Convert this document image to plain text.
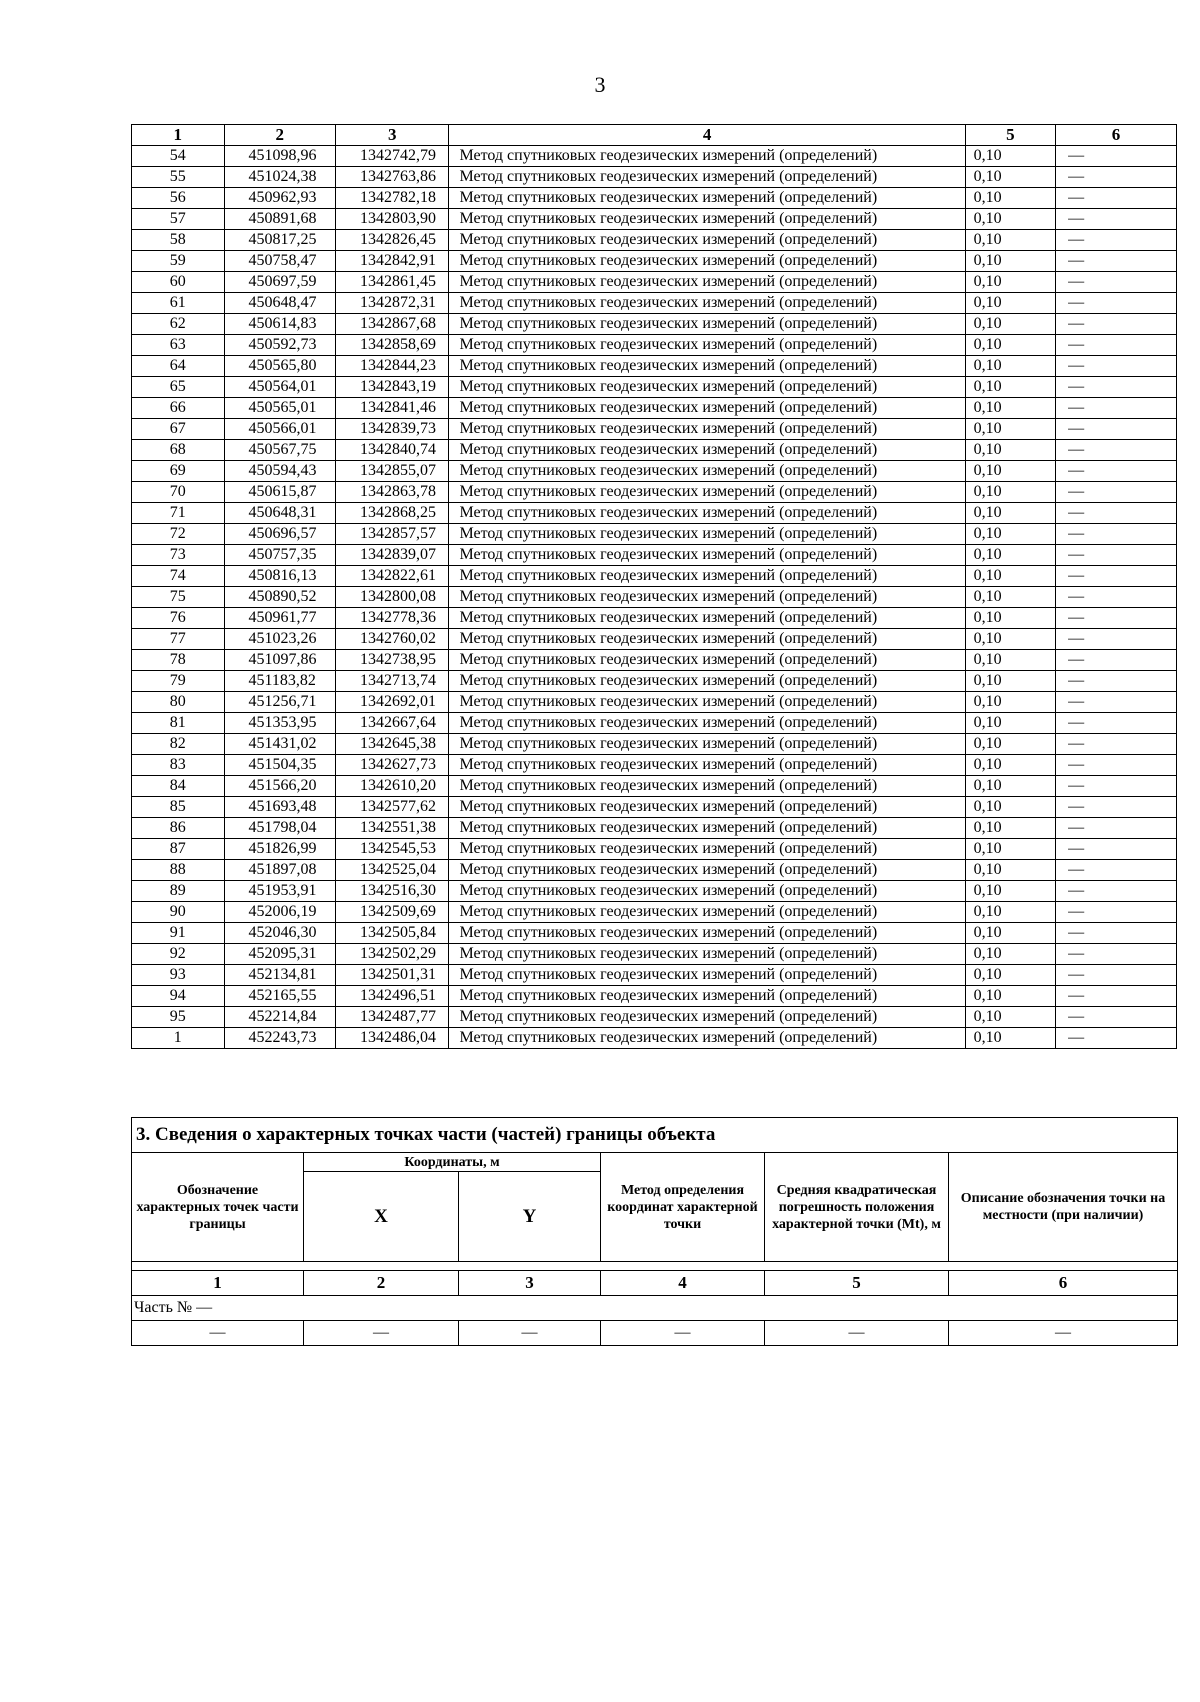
3
1	2	3	4	5	6
54	451098,96	1342742,79	Метод спутниковых геодезических измерений (определений)	0,10	—
55	451024,38	1342763,86	Метод спутниковых геодезических измерений (определений)	0,10	—
56	450962,93	1342782,18	Метод спутниковых геодезических измерений (определений)	0,10	—
57	450891,68	1342803,90	Метод спутниковых геодезических измерений (определений)	0,10	—
58	450817,25	1342826,45	Метод спутниковых геодезических измерений (определений)	0,10	—
59	450758,47	1342842,91	Метод спутниковых геодезических измерений (определений)	0,10	—
60	450697,59	1342861,45	Метод спутниковых геодезических измерений (определений)	0,10	—
61	450648,47	1342872,31	Метод спутниковых геодезических измерений (определений)	0,10	—
62	450614,83	1342867,68	Метод спутниковых геодезических измерений (определений)	0,10	—
63	450592,73	1342858,69	Метод спутниковых геодезических измерений (определений)	0,10	—
64	450565,80	1342844,23	Метод спутниковых геодезических измерений (определений)	0,10	—
65	450564,01	1342843,19	Метод спутниковых геодезических измерений (определений)	0,10	—
66	450565,01	1342841,46	Метод спутниковых геодезических измерений (определений)	0,10	—
67	450566,01	1342839,73	Метод спутниковых геодезических измерений (определений)	0,10	—
68	450567,75	1342840,74	Метод спутниковых геодезических измерений (определений)	0,10	—
69	450594,43	1342855,07	Метод спутниковых геодезических измерений (определений)	0,10	—
70	450615,87	1342863,78	Метод спутниковых геодезических измерений (определений)	0,10	—
71	450648,31	1342868,25	Метод спутниковых геодезических измерений (определений)	0,10	—
72	450696,57	1342857,57	Метод спутниковых геодезических измерений (определений)	0,10	—
73	450757,35	1342839,07	Метод спутниковых геодезических измерений (определений)	0,10	—
74	450816,13	1342822,61	Метод спутниковых геодезических измерений (определений)	0,10	—
75	450890,52	1342800,08	Метод спутниковых геодезических измерений (определений)	0,10	—
76	450961,77	1342778,36	Метод спутниковых геодезических измерений (определений)	0,10	—
77	451023,26	1342760,02	Метод спутниковых геодезических измерений (определений)	0,10	—
78	451097,86	1342738,95	Метод спутниковых геодезических измерений (определений)	0,10	—
79	451183,82	1342713,74	Метод спутниковых геодезических измерений (определений)	0,10	—
80	451256,71	1342692,01	Метод спутниковых геодезических измерений (определений)	0,10	—
81	451353,95	1342667,64	Метод спутниковых геодезических измерений (определений)	0,10	—
82	451431,02	1342645,38	Метод спутниковых геодезических измерений (определений)	0,10	—
83	451504,35	1342627,73	Метод спутниковых геодезических измерений (определений)	0,10	—
84	451566,20	1342610,20	Метод спутниковых геодезических измерений (определений)	0,10	—
85	451693,48	1342577,62	Метод спутниковых геодезических измерений (определений)	0,10	—
86	451798,04	1342551,38	Метод спутниковых геодезических измерений (определений)	0,10	—
87	451826,99	1342545,53	Метод спутниковых геодезических измерений (определений)	0,10	—
88	451897,08	1342525,04	Метод спутниковых геодезических измерений (определений)	0,10	—
89	451953,91	1342516,30	Метод спутниковых геодезических измерений (определений)	0,10	—
90	452006,19	1342509,69	Метод спутниковых геодезических измерений (определений)	0,10	—
91	452046,30	1342505,84	Метод спутниковых геодезических измерений (определений)	0,10	—
92	452095,31	1342502,29	Метод спутниковых геодезических измерений (определений)	0,10	—
93	452134,81	1342501,31	Метод спутниковых геодезических измерений (определений)	0,10	—
94	452165,55	1342496,51	Метод спутниковых геодезических измерений (определений)	0,10	—
95	452214,84	1342487,77	Метод спутниковых геодезических измерений (определений)	0,10	—
1	452243,73	1342486,04	Метод спутниковых геодезических измерений (определений)	0,10	—
3. Сведения о характерных точках части (частей) границы объекта					
Обозначение характерных точек части границы	Координаты, м		Метод определения координат характерной точки	Средняя квадратическая погрешность положения характерной точки (Mt), м	Описание обозначения точки на местности (при наличии)
	X	Y			

1	2	3	4	5	6
Часть № —					
—	—	—	—	—	—
